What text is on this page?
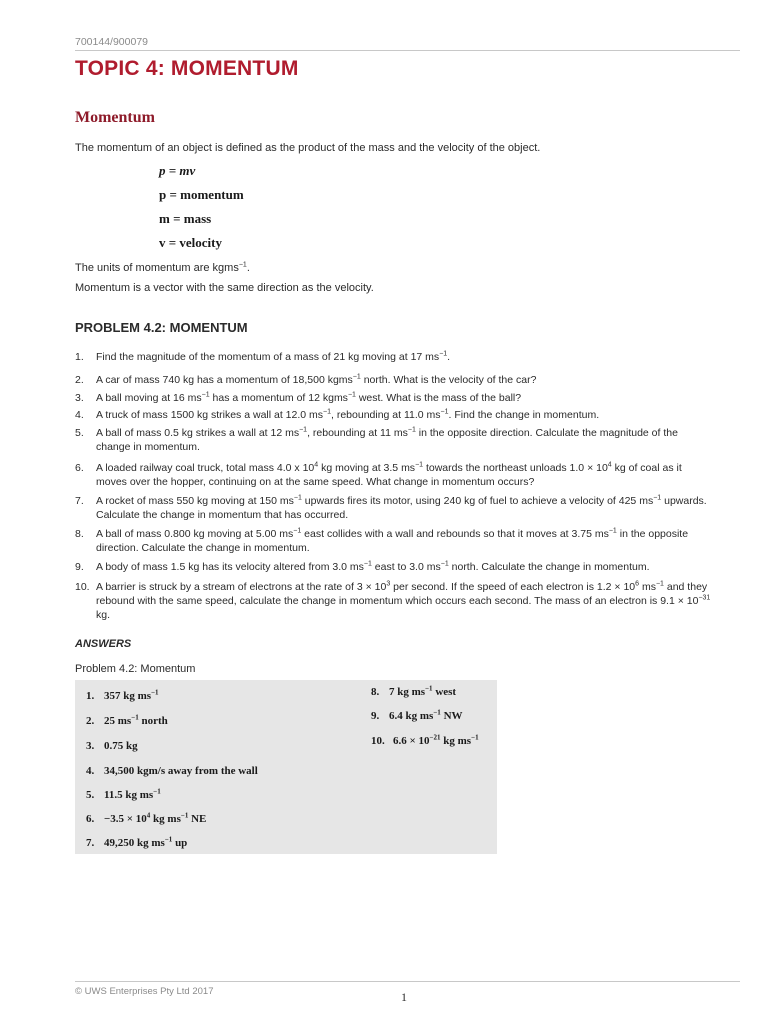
700144/900079
TOPIC 4: MOMENTUM
Momentum
The momentum of an object is defined as the product of the mass and the velocity of the object.
p = mv
p = momentum
m = mass
v = velocity
The units of momentum are kgms$^{-1}$.
Momentum is a vector with the same direction as the velocity.
PROBLEM 4.2: MOMENTUM
1.	Find the magnitude of the momentum of a mass of 21 kg moving at 17 $ms^{-1}$.
2.	A car of mass 740 kg has a momentum of 18,500 kgms$^{-1}$ north. What is the velocity of the car?
3.	A ball moving at 16 $ms^{-1}$ has a momentum of 12 kgms$^{-1}$ west. What is the mass of the ball?
4.	A truck of mass 1500 kg strikes a wall at 12.0 $ms^{-1}$, rebounding at 11.0 $ms^{-1}$. Find the change in momentum.
5.	A ball of mass 0.5 kg strikes a wall at 12 $ms^{-1}$, rebounding at 11 $ms^{-1}$ in the opposite direction. Calculate the magnitude of the change in momentum.
6.	A loaded railway coal truck, total mass 4.0 x $10^4$ kg moving at 3.5 $ms^{-1}$ towards the northeast unloads $1.0 \times 10^4$ kg of coal as it moves over the hopper, continuing on at the same speed. What change in momentum occurs?
7.	A rocket of mass 550 kg moving at 150 $ms^{-1}$ upwards fires its motor, using 240 kg of fuel to achieve a velocity of 425 $ms^{-1}$ upwards. Calculate the change in momentum that has occurred.
8.	A ball of mass 0.800 kg moving at 5.00 $ms^{-1}$ east collides with a wall and rebounds so that it moves at 3.75 $ms^{-1}$ in the opposite direction. Calculate the change in momentum.
9.	A body of mass 1.5 kg has its velocity altered from 3.0 $ms^{-1}$ east to 3.0 $ms^{-1}$ north. Calculate the change in momentum.
10. A barrier is struck by a stream of electrons at the rate of $3 \times 10^3$ per second. If the speed of each electron is $1.2 \times 10^6$ $ms^{-1}$ and they rebound with the same speed, calculate the change in momentum which occurs each second. The mass of an electron is $9.1 \times 10^{-31}$ kg.
ANSWERS
Problem 4.2: Momentum
1. 357 kg $ms^{-1}$
2. 25 $ms^{-1}$ north
3. 0.75 kg
4. 34,500 kgm/s away from the wall
5. 11.5 kg $ms^{-1}$
6. $-3.5 \times 10^4$ kg $ms^{-1}$ NE
7. 49,250 kg $ms^{-1}$ up
8. 7 kg $ms^{-1}$ west
9. 6.4 kg $ms^{-1}$ NW
10. $6.6 \times 10^{-21}$ kg $ms^{-1}$
© UWS Enterprises Pty Ltd 2017	1
